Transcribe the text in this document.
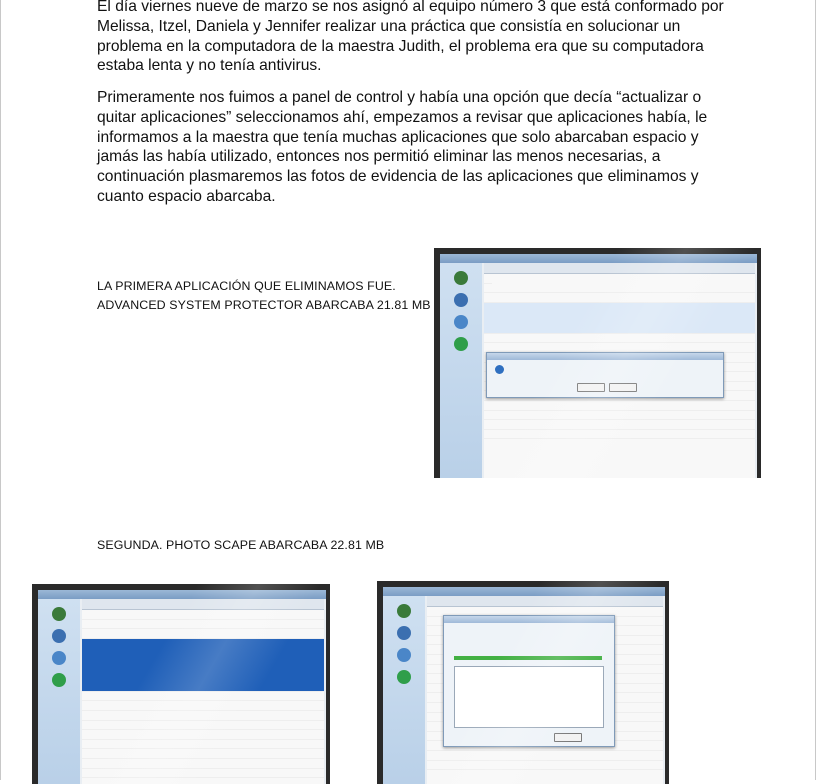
El día viernes nueve de marzo se nos asignó al equipo número 3 que está conformado por Melissa, Itzel, Daniela y Jennifer realizar una práctica que consistía en solucionar un problema en la computadora de la maestra Judith, el problema era que su computadora estaba lenta y no tenía antivirus.

Primeramente nos fuimos a panel de control y había una opción que decía “actualizar o quitar aplicaciones” seleccionamos ahí, empezamos a revisar que aplicaciones había, le informamos a la maestra que tenía muchas aplicaciones que solo abarcaban espacio y jamás las había utilizado, entonces nos permitió eliminar las menos necesarias, a continuación plasmaremos las fotos de evidencia de las aplicaciones que eliminamos y cuanto espacio abarcaba.

LA PRIMERA APLICACIÓN QUE ELIMINAMOS FUE.
ADVANCED SYSTEM PROTECTOR ABARCABA 21.81 MB
SEGUNDA. PHOTO SCAPE ABARCABA 22.81 MB
